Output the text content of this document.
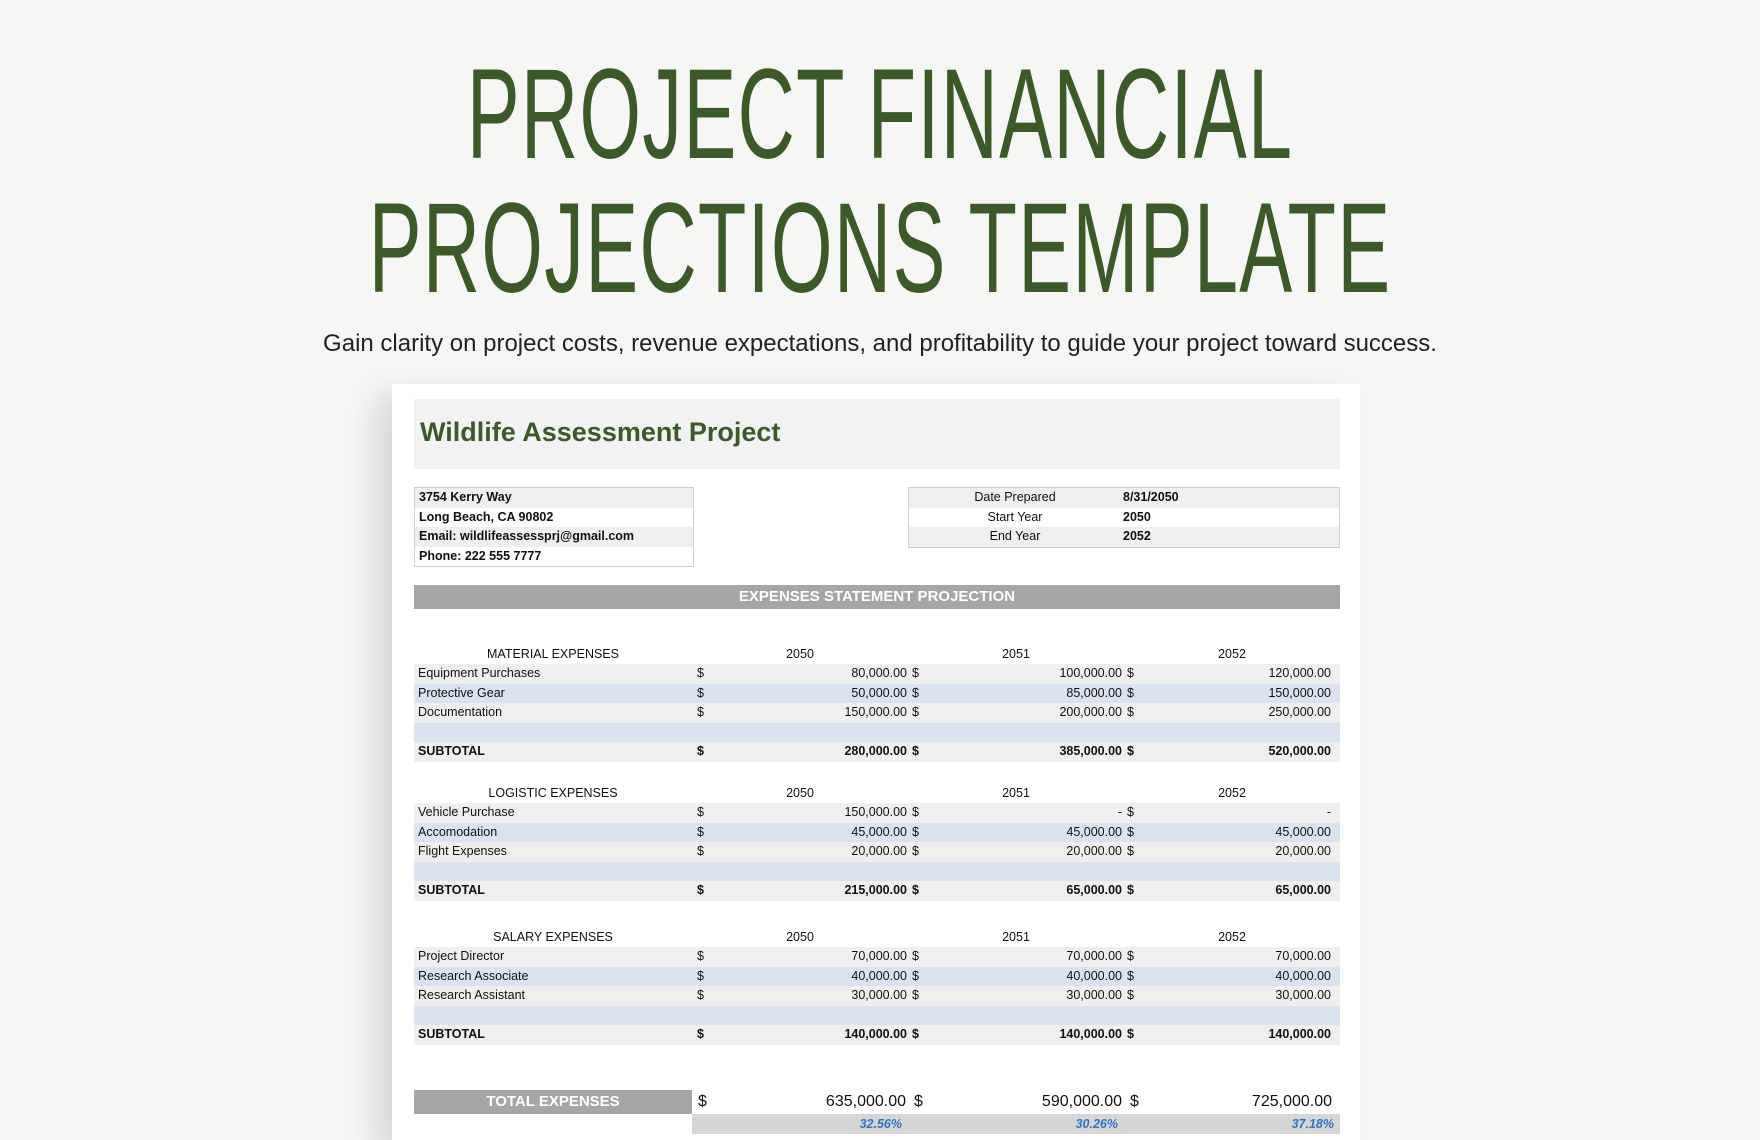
PROJECT FINANCIAL
PROJECTIONS TEMPLATE
Gain clarity on project costs, revenue expectations, and profitability to guide your project toward success.
Wildlife Assessment Project
3754 Kerry Way
Long Beach, CA 90802
Email: wildlifeassessprj@gmail.com
Phone: 222 555 7777
Date Prepared	8/31/2050
Start Year	2050
End Year	2052
EXPENSES STATEMENT PROJECTION
MATERIAL EXPENSES	2050	2051	2052
Equipment Purchases	$	80,000.00 $	100,000.00 $	120,000.00
Protective Gear	$	50,000.00 $	85,000.00 $	150,000.00
Documentation	$	150,000.00 $	200,000.00 $	250,000.00
SUBTOTAL	$	280,000.00 $	385,000.00 $	520,000.00
LOGISTIC EXPENSES	2050	2051	2052
Vehicle Purchase	$	150,000.00 $	- $	-
Accomodation	$	45,000.00 $	45,000.00 $	45,000.00
Flight Expenses	$	20,000.00 $	20,000.00 $	20,000.00
SUBTOTAL	$	215,000.00 $	65,000.00 $	65,000.00
SALARY EXPENSES	2050	2051	2052
Project Director	$	70,000.00 $	70,000.00 $	70,000.00
Research Associate	$	40,000.00 $	40,000.00 $	40,000.00
Research Assistant	$	30,000.00 $	30,000.00 $	30,000.00
SUBTOTAL	$	140,000.00 $	140,000.00 $	140,000.00
TOTAL EXPENSES	$	635,000.00 $	590,000.00 $	725,000.00
32.56%	30.26%	37.18%
